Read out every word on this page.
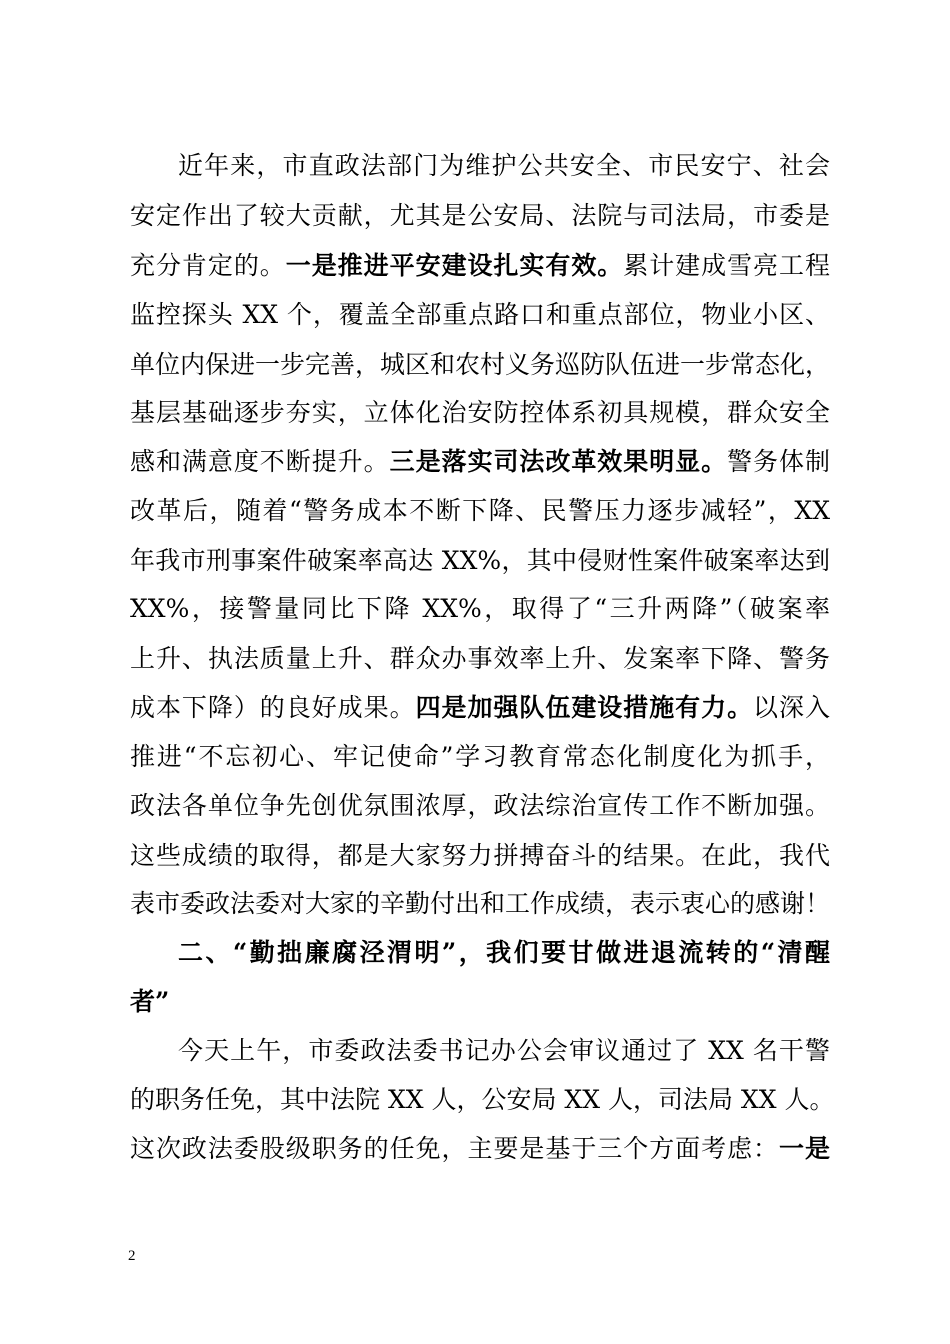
近年来，市直政法部门为维护公共安全、市民安宁、社会
安定作出了较大贡献，尤其是公安局、法院与司法局，市委是
充分肯定的。一是推进平安建设扎实有效。累计建成雪亮工程
监控探头 XX 个，覆盖全部重点路口和重点部位，物业小区、
单位内保进一步完善，城区和农村义务巡防队伍进一步常态化，
基层基础逐步夯实，立体化治安防控体系初具规模，群众安全
感和满意度不断提升。三是落实司法改革效果明显。警务体制
改革后，随着“警务成本不断下降、民警压力逐步减轻”，XX
年我市刑事案件破案率高达 XX%，其中侵财性案件破案率达到
XX%，接警量同比下降 XX%，取得了“三升两降”（破案率
上升、执法质量上升、群众办事效率上升、发案率下降、警务
成本下降）的良好成果。四是加强队伍建设措施有力。以深入
推进“不忘初心、牢记使命”学习教育常态化制度化为抓手，
政法各单位争先创优氛围浓厚，政法综治宣传工作不断加强。
这些成绩的取得，都是大家努力拼搏奋斗的结果。在此，我代
表市委政法委对大家的辛勤付出和工作成绩，表示衷心的感谢！
二、“勤拙廉腐泾渭明”，我们要甘做进退流转的“清醒
者”
今天上午，市委政法委书记办公会审议通过了 XX 名干警
的职务任免，其中法院 XX 人，公安局 XX 人，司法局 XX 人。
这次政法委股级职务的任免，主要是基于三个方面考虑：一是
2
